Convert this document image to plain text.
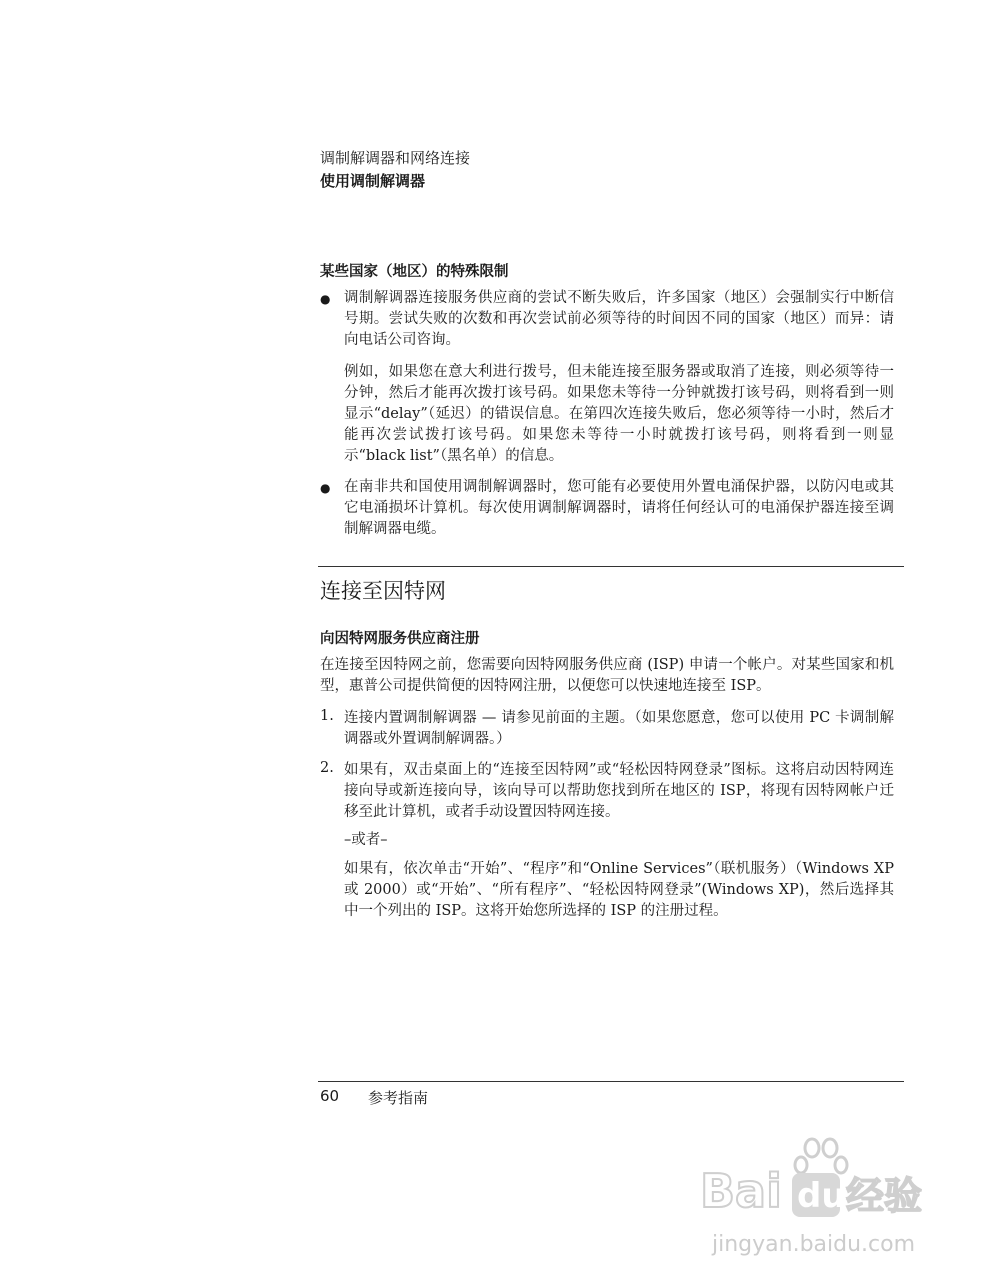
调制解调器和网络连接
使用调制解调器
某些国家（地区）的特殊限制
● 调制解调器连接服务供应商的尝试不断失败后，许多国家（地区）会强制实行中断信号期。尝试失败的次数和再次尝试前必须等待的时间因不同的国家（地区）而异：请向电话公司咨询。
例如，如果您在意大利进行拨号，但未能连接至服务器或取消了连接，则必须等待一分钟，然后才能再次拨打该号码。如果您未等待一分钟就拨打该号码，则将看到一则显示“delay”（延迟）的错误信息。在第四次连接失败后，您必须等待一小时，然后才能再次尝试拨打该号码。如果您未等待一小时就拨打该号码，则将看到一则显示“black list”（黑名单）的信息。
● 在南非共和国使用调制解调器时，您可能有必要使用外置电涌保护器，以防闪电或其它电涌损坏计算机。每次使用调制解调器时，请将任何经认可的电涌保护器连接至调制解调器电缆。
连接至因特网
向因特网服务供应商注册
在连接至因特网之前，您需要向因特网服务供应商 (ISP) 申请一个帐户。对某些国家和机型，惠普公司提供简便的因特网注册，以便您可以快速地连接至 ISP。
1. 连接内置调制解调器 — 请参见前面的主题。（如果您愿意，您可以使用 PC 卡调制解调器或外置调制解调器。）
2. 如果有，双击桌面上的“连接至因特网”或“轻松因特网登录”图标。这将启动因特网连接向导或新连接向导，该向导可以帮助您找到所在地区的 ISP，将现有因特网帐户迁移至此计算机，或者手动设置因特网连接。
–或者–
如果有，依次单击“开始”、“程序”和“Online Services”（联机服务）（Windows XP 或 2000）或“开始”、“所有程序”、“轻松因特网登录”(Windows XP)，然后选择其中一个列出的 ISP。这将开始您所选择的 ISP 的注册过程。
60 参考指南
Bai du 经验
jingyan.baidu.com
